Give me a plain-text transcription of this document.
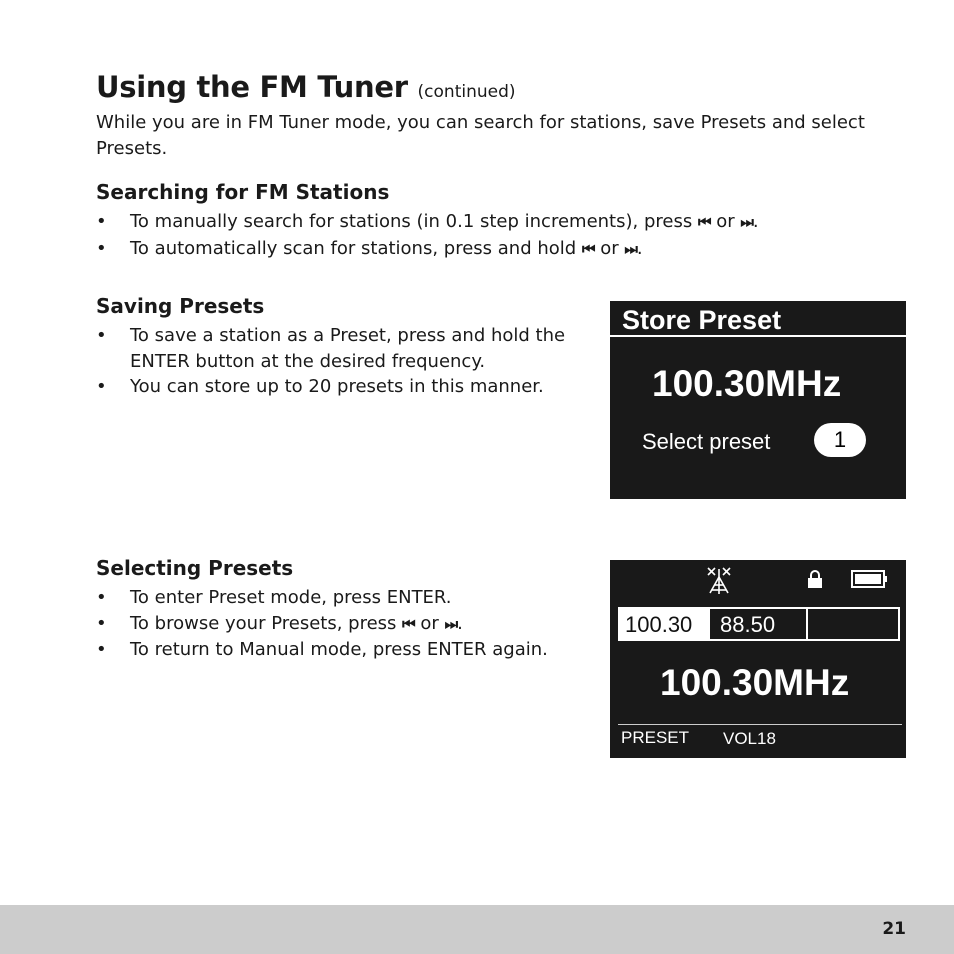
Using the FM Tuner (continued)

While you are in FM Tuner mode, you can search for stations, save Presets and select Presets.

Searching for FM Stations
• To manually search for stations (in 0.1 step increments), press ⏮ or ⏭ .
• To automatically scan for stations, press and hold ⏮ or ⏭ .
Saving Presets
• To save a station as a Preset, press and hold the ENTER button at the desired frequency.
• You can store up to 20 presets in this manner.
Store Preset
100.30MHz
Select preset	1
Selecting Presets
• To enter Preset mode, press ENTER.
• To browse your Presets, press ⏮ or ⏭ .
• To return to Manual mode, press ENTER again.
100.30	88.50
100.30MHz
PRESET VOL18
21
